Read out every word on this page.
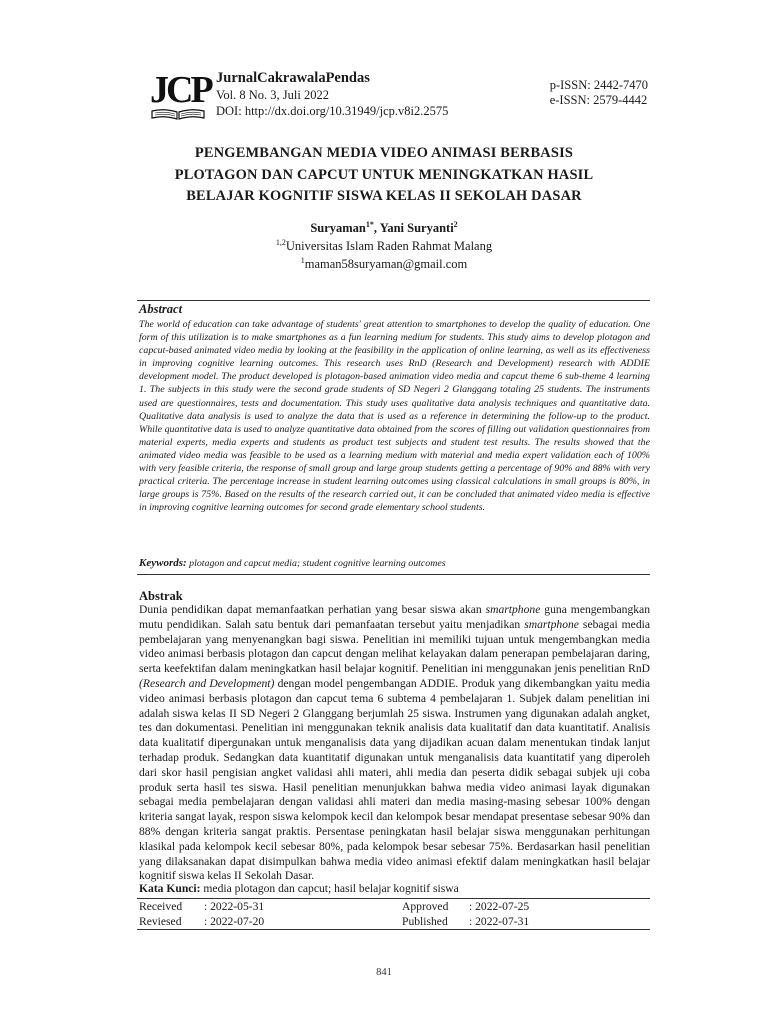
JCP JurnalCakrawalaPendas
Vol. 8 No. 3, Juli 2022
DOI: http://dx.doi.org/10.31949/jcp.v8i2.2575
p-ISSN: 2442-7470
e-ISSN: 2579-4442
PENGEMBANGAN MEDIA VIDEO ANIMASI BERBASIS
PLOTAGON DAN CAPCUT UNTUK MENINGKATKAN HASIL
BELAJAR KOGNITIF SISWA KELAS II SEKOLAH DASAR
Suryaman$^{1*}$, Yani Suryanti$^2$
$^{1,2}$Universitas Islam Raden Rahmat Malang
$^1$maman58suryaman@gmail.com
Abstract

The world of education can take advantage of students' great attention to smartphones to develop the quality of education. One form of this utilization is to make smartphones as a fun learning medium for students. This study aims to develop plotagon and capcut-based animated video media by looking at the feasibility in the application of online learning, as well as its effectiveness in improving cognitive learning outcomes. This research uses RnD (Research and Development) research with ADDIE development model. The product developed is plotagon-based animation video media and capcut theme 6 sub-theme 4 learning 1. The subjects in this study were the second grade students of SD Negeri 2 Glanggang totaling 25 students. The instruments used are questionnaires, tests and documentation. This study uses qualitative data analysis techniques and quantitative data. Qualitative data analysis is used to analyze the data that is used as a reference in determining the follow-up to the product. While quantitative data is used to analyze quantitative data obtained from the scores of filling out validation questionnaires from material experts, media experts and students as product test subjects and student test results. The results showed that the animated video media was feasible to be used as a learning medium with material and media expert validation each of 100% with very feasible criteria, the response of small group and large group students getting a percentage of 90% and 88% with very practical criteria. The percentage increase in student learning outcomes using classical calculations in small groups is 80%, in large groups is 75%. Based on the results of the research carried out, it can be concluded that animated video media is effective in improving cognitive learning outcomes for second grade elementary school students.

Keywords: plotagon and capcut media; student cognitive learning outcomes
Abstrak

Dunia pendidikan dapat memanfaatkan perhatian yang besar siswa akan smartphone guna mengembangkan mutu pendidikan. Salah satu bentuk dari pemanfaatan tersebut yaitu menjadikan smartphone sebagai media pembelajaran yang menyenangkan bagi siswa. Penelitian ini memiliki tujuan untuk mengembangkan media video animasi berbasis plotagon dan capcut dengan melihat kelayakan dalam penerapan pembelajaran daring, serta keefektifan dalam meningkatkan hasil belajar kognitif. Penelitian ini menggunakan jenis penelitian RnD (Research and Development) dengan model pengembangan ADDIE. Produk yang dikembangkan yaitu media video animasi berbasis plotagon dan capcut tema 6 subtema 4 pembelajaran 1. Subjek dalam penelitian ini adalah siswa kelas II SD Negeri 2 Glanggang berjumlah 25 siswa. Instrumen yang digunakan adalah angket, tes dan dokumentasi. Penelitian ini menggunakan teknik analisis data kualitatif dan data kuantitatif. Analisis data kualitatif dipergunakan untuk menganalisis data yang dijadikan acuan dalam menentukan tindak lanjut terhadap produk. Sedangkan data kuantitatif digunakan untuk menganalisis data kuantitatif yang diperoleh dari skor hasil pengisian angket validasi ahli materi, ahli media dan peserta didik sebagai subjek uji coba produk serta hasil tes siswa. Hasil penelitian menunjukkan bahwa media video animasi layak digunakan sebagai media pembelajaran dengan validasi ahli materi dan media masing-masing sebesar 100% dengan kriteria sangat layak, respon siswa kelompok kecil dan kelompok besar mendapat presentase sebesar 90% dan 88% dengan kriteria sangat praktis. Persentase peningkatan hasil belajar siswa menggunakan perhitungan klasikal pada kelompok kecil sebesar 80%, pada kelompok besar sebesar 75%. Berdasarkan hasil penelitian yang dilaksanakan dapat disimpulkan bahwa media video animasi efektif dalam meningkatkan hasil belajar kognitif siswa kelas II Sekolah Dasar.

Kata Kunci: media plotagon dan capcut; hasil belajar kognitif siswa
Received : 2022-05-31	Approved : 2022-07-25
Reviesed : 2022-07-20	Published : 2022-07-31
841
